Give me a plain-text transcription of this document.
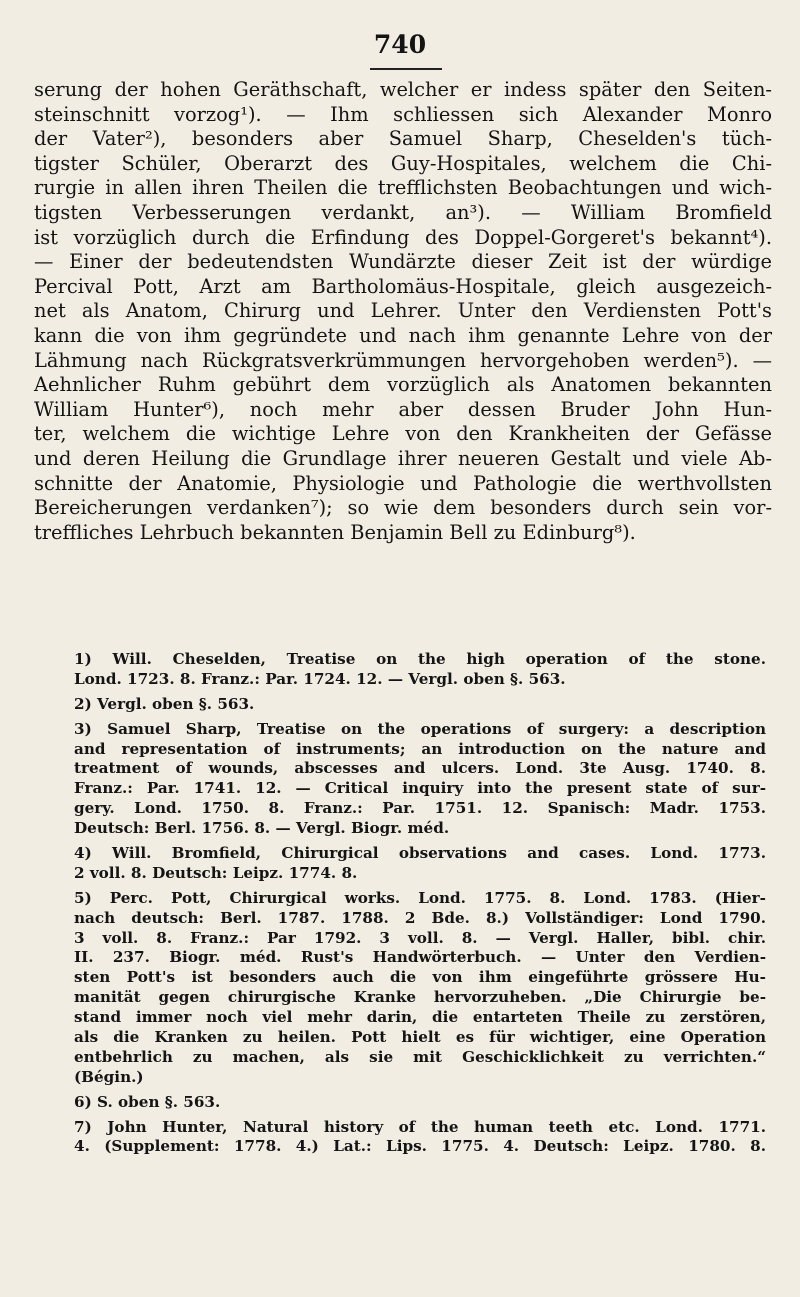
740
serung der hohen Geräthschaft, welcher er indess später den Seiten-
steinschnitt vorzog¹). — Ihm schliessen sich Alexander Monro
der Vater²), besonders aber Samuel Sharp, Cheselden's tüch-
tigster Schüler, Oberarzt des Guy-Hospitales, welchem die Chi-
rurgie in allen ihren Theilen die trefflichsten Beobachtungen und wich-
tigsten Verbesserungen verdankt, an³). — William Bromfield
ist vorzüglich durch die Erfindung des Doppel-Gorgeret's bekannt⁴).
— Einer der bedeutendsten Wundärzte dieser Zeit ist der würdige
Percival Pott, Arzt am Bartholomäus-Hospitale, gleich ausgezeich-
net als Anatom, Chirurg und Lehrer. Unter den Verdiensten Pott's
kann die von ihm gegründete und nach ihm genannte Lehre von der
Lähmung nach Rückgratsverkrümmungen hervorgehoben werden⁵). —
Aehnlicher Ruhm gebührt dem vorzüglich als Anatomen bekannten
William Hunter⁶), noch mehr aber dessen Bruder John Hun-
ter, welchem die wichtige Lehre von den Krankheiten der Gefässe
und deren Heilung die Grundlage ihrer neueren Gestalt und viele Ab-
schnitte der Anatomie, Physiologie und Pathologie die werthvollsten
Bereicherungen verdanken⁷); so wie dem besonders durch sein vor-
treffliches Lehrbuch bekannten Benjamin Bell zu Edinburg⁸).
1) Will. Cheselden, Treatise on the high operation of the stone.
Lond. 1723. 8. Franz.: Par. 1724. 12. — Vergl. oben §. 563.
2) Vergl. oben §. 563.
3) Samuel Sharp, Treatise on the operations of surgery: a description
and representation of instruments; an introduction on the nature and
treatment of wounds, abscesses and ulcers. Lond. 3te Ausg. 1740. 8.
Franz.: Par. 1741. 12. — Critical inquiry into the present state of sur-
gery. Lond. 1750. 8. Franz.: Par. 1751. 12. Spanisch: Madr. 1753.
Deutsch: Berl. 1756. 8. — Vergl. Biogr. méd.
4) Will. Bromfield, Chirurgical observations and cases. Lond. 1773.
2 voll. 8. Deutsch: Leipz. 1774. 8.
5) Perc. Pott, Chirurgical works. Lond. 1775. 8. Lond. 1783. (Hier-
nach deutsch: Berl. 1787. 1788. 2 Bde. 8.) Vollständiger: Lond 1790.
3 voll. 8. Franz.: Par 1792. 3 voll. 8. — Vergl. Haller, bibl. chir.
II. 237. Biogr. méd. Rust's Handwörterbuch. — Unter den Verdien-
sten Pott's ist besonders auch die von ihm eingeführte grössere Hu-
manität gegen chirurgische Kranke hervorzuheben. „Die Chirurgie be-
stand immer noch viel mehr darin, die entarteten Theile zu zerstören,
als die Kranken zu heilen. Pott hielt es für wichtiger, eine Operation
entbehrlich zu machen, als sie mit Geschicklichkeit zu verrichten.“
(Bégin.)
6) S. oben §. 563.
7) John Hunter, Natural history of the human teeth etc. Lond. 1771.
4. (Supplement: 1778. 4.) Lat.: Lips. 1775. 4. Deutsch: Leipz. 1780. 8.
